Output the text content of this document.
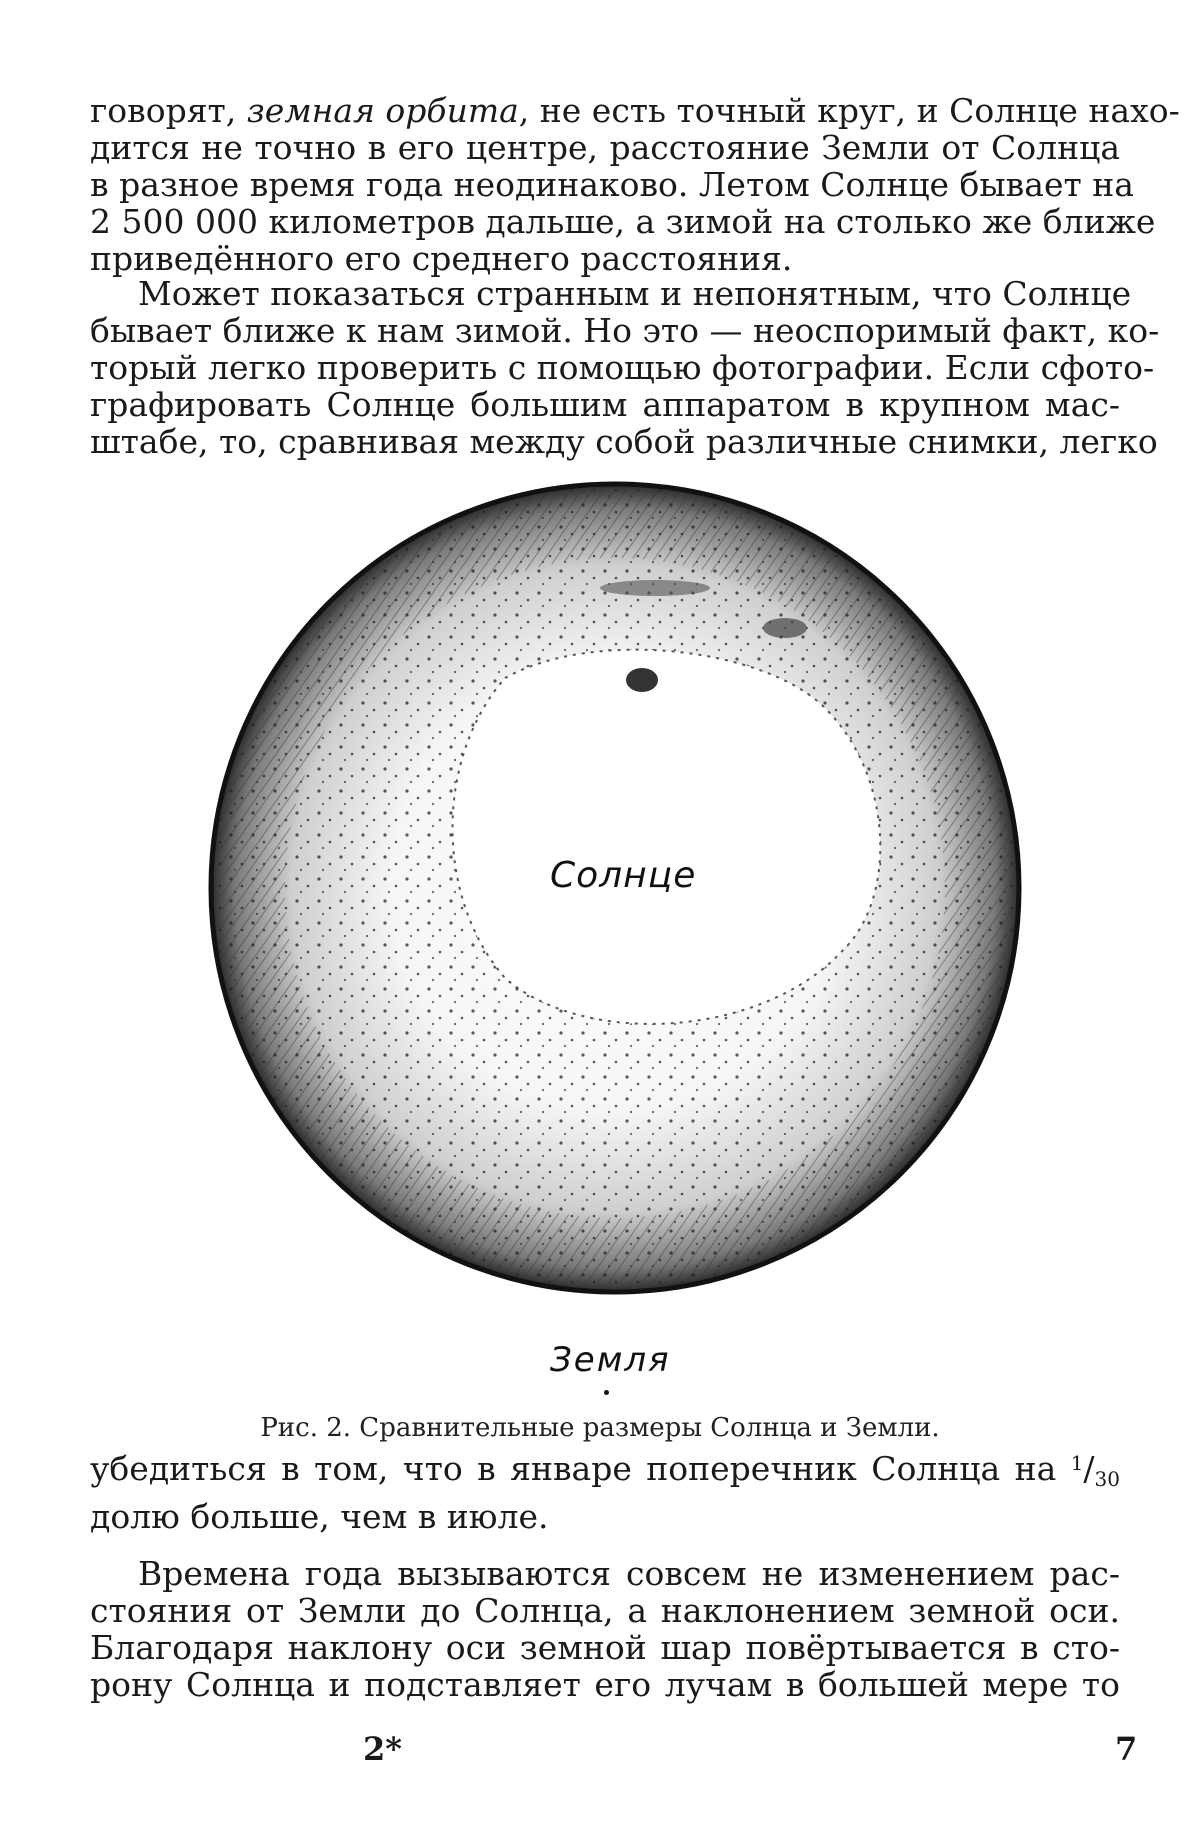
говорят, земная орбита, не есть точный круг, и Солнце нахо-
дится не точно в его центре, расстояние Земли от Солнца
в разное время года неодинаково. Летом Солнце бывает на
2 500 000 километров дальше, а зимой на столько же ближе
приведённого его среднего расстояния.
Может показаться странным и непонятным, что Солнце
бывает ближе к нам зимой. Но это — неоспоримый факт, ко-
торый легко проверить с помощью фотографии. Если сфото-
графировать Солнце большим аппаратом в крупном мас-
штабе, то, сравнивая между собой различные снимки, легко
Солнце
Земля
Рис. 2. Сравнительные размеры Солнца и Земли.
убедиться в том, что в январе поперечник Солнца на $^1/_{30}$
долю больше, чем в июле.
Времена года вызываются совсем не изменением рас-
стояния от Земли до Солнца, а наклонением земной оси.
Благодаря наклону оси земной шар повёртывается в сто-
рону Солнца и подставляет его лучам в большей мере то
2*	7
